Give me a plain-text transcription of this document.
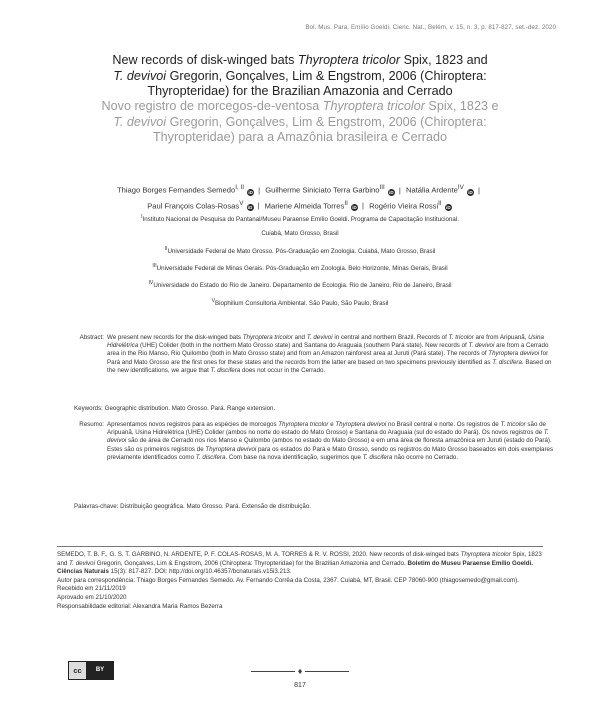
Bol. Mus. Para. Emílio Goeldi. Cienc. Nat., Belém, v. 15, n. 3, p. 817-827, set.-dez. 2020
New records of disk-winged bats Thyroptera tricolor Spix, 1823 and
T. devivoi Gregorin, Gonçalves, Lim & Engstrom, 2006 (Chiroptera:
Thyropteridae) for the Brazilian Amazonia and Cerrado
Novo registro de morcegos-de-ventosa Thyroptera tricolor Spix, 1823 e
T. devivoi Gregorin, Gonçalves, Lim & Engstrom, 2006 (Chiroptera:
Thyropteridae) para a Amazônia brasileira e Cerrado
Thiago Borges Fernandes Semedo$^{I, II}$ iD | Guilherme Siniciato Terra Garbino$^{III}$ iD | Natália Ardente$^{IV}$ iD |
Paul François Colas-Rosas$^V$ iD | Mariene Almeida Torres$^{II}$ iD | Rogério Vieira Rossi$^{II}$ iD
$^I$Instituto Nacional de Pesquisa do Pantanal/Museu Paraense Emílio Goeldi. Programa de Capacitação Institucional.
Cuiabá, Mato Grosso, Brasil
$^{II}$Universidade Federal de Mato Grosso. Pós-Graduação em Zoologia. Cuiabá, Mato Grosso, Brasil
$^{III}$Universidade Federal de Minas Gerais. Pós-Graduação em Zoologia. Belo Horizonte, Minas Gerais, Brasil
$^{IV}$Universidade do Estado do Rio de Janeiro. Departamento de Ecologia. Rio de Janeiro, Rio de Janeiro, Brasil
$^V$Biophilium Consultoria Ambiental. São Paulo, São Paulo, Brasil
Abstract: We present new records for the disk-winged bats Thyroptera tricolor and T. devivoi in central and northern Brazil. Records of T. tricolor are from Aripuanã, Usina Hidrelétrica (UHE) Colider (both in the northern Mato Grosso state) and Santana do Araguaia (southern Pará state). New records of T. devivoi are from a Cerrado area in the Rio Manso, Rio Quilombo (both in Mato Grosso state) and from an Amazon rainforest area at Juruti (Pará state). The records of Thyroptera devivoi for Pará and Mato Grosso are the first ones for these states and the records from the latter are based on two specimens previously identified as T. discifera. Based on the new identifications, we argue that T. discifera does not occur in the Cerrado.
Keywords: Geographic distribution. Mato Grosso. Pará. Range extension.
Resumo: Apresentamos novos registros para as espécies de morcegos Thyroptera tricolor e Thyroptera devivoi no Brasil central e norte. Os registros de T. tricolor são de Aripuanã, Usina Hidrelétrica (UHE) Colider (ambos no norte do estado do Mato Grosso) e Santana do Araguaia (sul do estado do Pará). Os novos registros de T. devivoi são de área de Cerrado nos rios Manso e Quilombo (ambos no estado do Mato Grosso) e em uma área de floresta amazônica em Juruti (estado do Pará). Estes são os primeiros registros de Thyroptera devivoi para os estados do Pará e Mato Grosso, sendo os registros do Mato Grosso baseados em dois exemplares previamente identificados como T. discifera. Com base na nova identificação, sugerimos que T. discifera não ocorre no Cerrado.
Palavras-chave: Distribuição geográfica. Mato Grosso. Pará. Extensão de distribuição.
SEMEDO, T. B. F., G. S. T. GARBINO, N. ARDENTE, P. F. COLAS-ROSAS, M. A. TORRES & R. V. ROSSI, 2020. New records of disk-winged bats Thyroptera tricolor Spix, 1823 and T. devivoi Gregorin, Gonçalves, Lim & Engstrom, 2006 (Chiroptera: Thyropteridae) for the Brazilian Amazonia and Cerrado. Boletim do Museu Paraense Emílio Goeldi. Ciências Naturais 15(3): 817-827. DOI: http://doi.org/10.46357/bcnaturais.v15i3.213.
Autor para correspondência: Thiago Borges Fernandes Semedo. Av. Fernando Corrêa da Costa, 2367. Cuiabá, MT, Brasil. CEP 78060-900 (thiagosemedo@gmail.com).
Recebido em 21/11/2019
Aprovado em 21/10/2020
Responsabilidade editorial: Alexandra Maria Ramos Bezerra
cc	BY	♦
817
